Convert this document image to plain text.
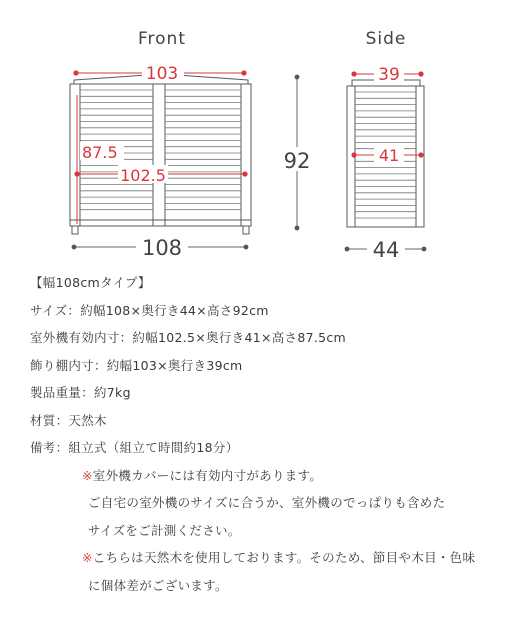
Front	Side
103
87.5
102.5
108
92
39
41
44
【幅108cmタイプ】
サイズ：約幅108×奥行き44×高さ92cm
室外機有効内寸：約幅102.5×奥行き41×高さ87.5cm
飾り棚内寸：約幅103×奥行き39cm
製品重量：約7kg
材質：天然木
備考：組立式（組立て時間約18分）
※室外機カバーには有効内寸があります。
ご自宅の室外機のサイズに合うか、室外機のでっぱりも含めた
サイズをご計測ください。
※こちらは天然木を使用しております。そのため、節目や木目・色味
に個体差がございます。
